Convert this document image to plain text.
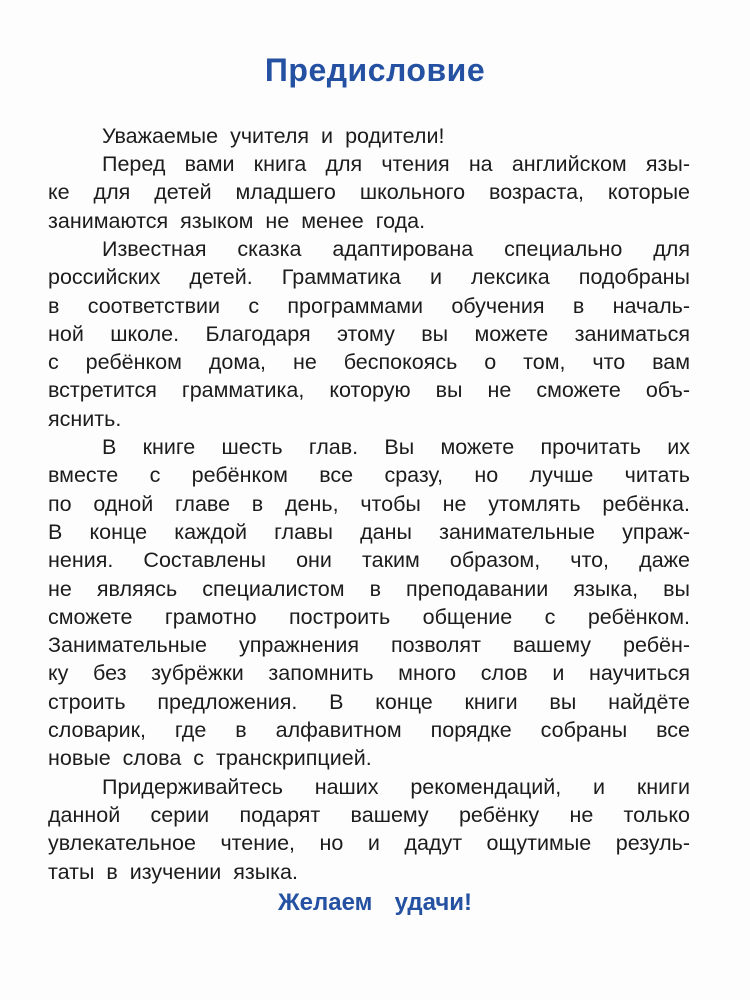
Предисловие
Уважаемые учителя и родители!
Перед вами книга для чтения на английском язы-
ке для детей младшего школьного возраста, которые
занимаются языком не менее года.
Известная сказка адаптирована специально для
российских детей. Грамматика и лексика подобраны
в соответствии с программами обучения в началь-
ной школе. Благодаря этому вы можете заниматься
с ребёнком дома, не беспокоясь о том, что вам
встретится грамматика, которую вы не сможете объ-
яснить.
В книге шесть глав. Вы можете прочитать их
вместе с ребёнком все сразу, но лучше читать
по одной главе в день, чтобы не утомлять ребёнка.
В конце каждой главы даны занимательные упраж-
нения. Составлены они таким образом, что, даже
не являясь специалистом в преподавании языка, вы
сможете грамотно построить общение с ребёнком.
Занимательные упражнения позволят вашему ребён-
ку без зубрёжки запомнить много слов и научиться
строить предложения. В конце книги вы найдёте
словарик, где в алфавитном порядке собраны все
новые слова с транскрипцией.
Придерживайтесь наших рекомендаций, и книги
данной серии подарят вашему ребёнку не только
увлекательное чтение, но и дадут ощутимые резуль-
таты в изучении языка.
Желаем удачи!
